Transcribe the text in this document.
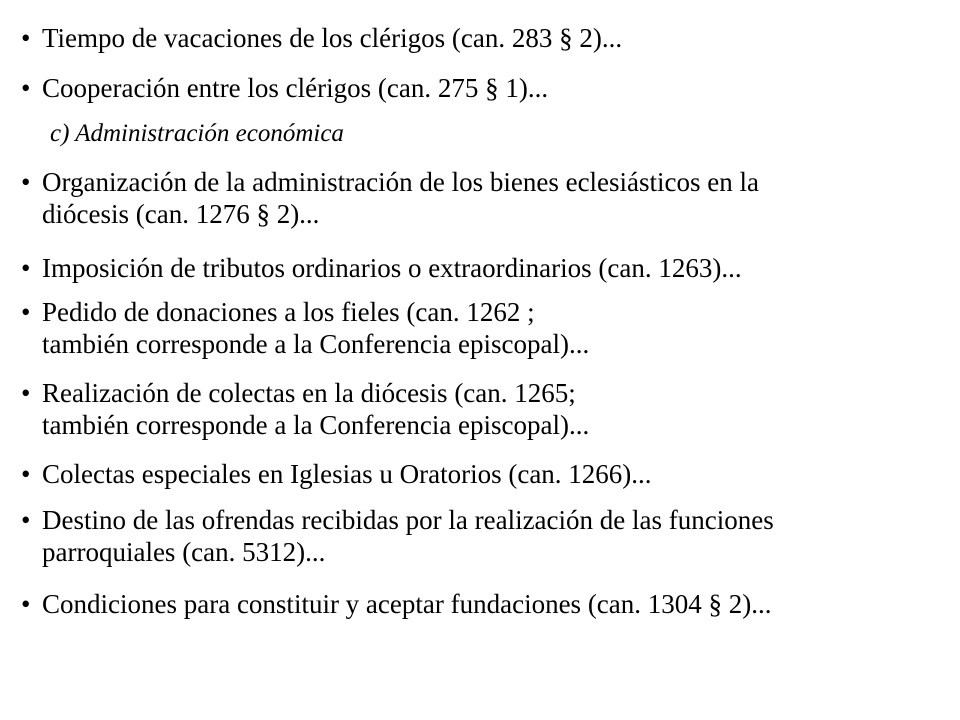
• Tiempo de vacaciones de los clérigos (can. 283 § 2)...
• Cooperación entre los clérigos (can. 275 § 1)...
c) Administración económica
• Organización de la administración de los bienes eclesiásticos en la
diócesis (can. 1276 § 2)...
• Imposición de tributos ordinarios o extraordinarios (can. 1263)...
• Pedido de donaciones a los fieles (can. 1262 ;
también corresponde a la Conferencia episcopal)...
• Realización de colectas en la diócesis (can. 1265;
también corresponde a la Conferencia episcopal)...
• Colectas especiales en Iglesias u Oratorios (can. 1266)...
• Destino de las ofrendas recibidas por la realización de las funciones
parroquiales (can. 5312)...
• Condiciones para constituir y aceptar fundaciones (can. 1304 § 2)...
